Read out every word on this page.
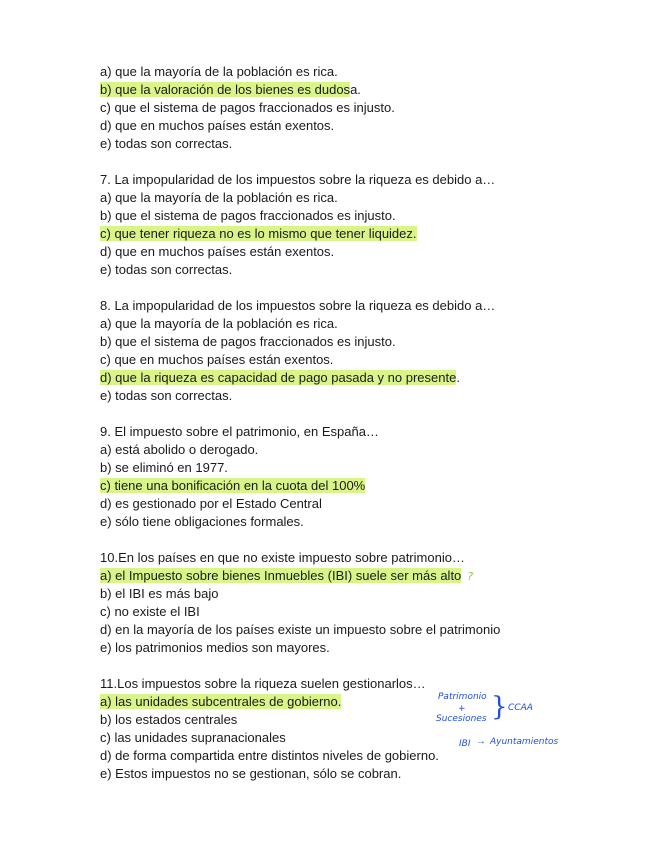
a) que la mayoría de la población es rica.
b) que la valoración de los bienes es dudosa.
c) que el sistema de pagos fraccionados es injusto.
d) que en muchos países están exentos.
e) todas son correctas.
7. La impopularidad de los impuestos sobre la riqueza es debido a…
a) que la mayoría de la población es rica.
b) que el sistema de pagos fraccionados es injusto.
c) que tener riqueza no es lo mismo que tener liquidez.
d) que en muchos países están exentos.
e) todas son correctas.
8. La impopularidad de los impuestos sobre la riqueza es debido a…
a) que la mayoría de la población es rica.
b) que el sistema de pagos fraccionados es injusto.
c) que en muchos países están exentos.
d) que la riqueza es capacidad de pago pasada y no presente.
e) todas son correctas.
9. El impuesto sobre el patrimonio, en España…
a) está abolido o derogado.
b) se eliminó en 1977.
c) tiene una bonificación en la cuota del 100%
d) es gestionado por el Estado Central
e) sólo tiene obligaciones formales.
10.En los países en que no existe impuesto sobre patrimonio…
a) el Impuesto sobre bienes Inmuebles (IBI) suele ser más alto ?
b) el IBI es más bajo
c) no existe el IBI
d) en la mayoría de los países existe un impuesto sobre el patrimonio
e) los patrimonios medios son mayores.
11.Los impuestos sobre la riqueza suelen gestionarlos…
a) las unidades subcentrales de gobierno.
b) los estados centrales
c) las unidades supranacionales
d) de forma compartida entre distintos niveles de gobierno.
e) Estos impuestos no se gestionan, sólo se cobran.
Patrimonio
+
Sucesiones } CCAA
IBI → Ayuntamientos
